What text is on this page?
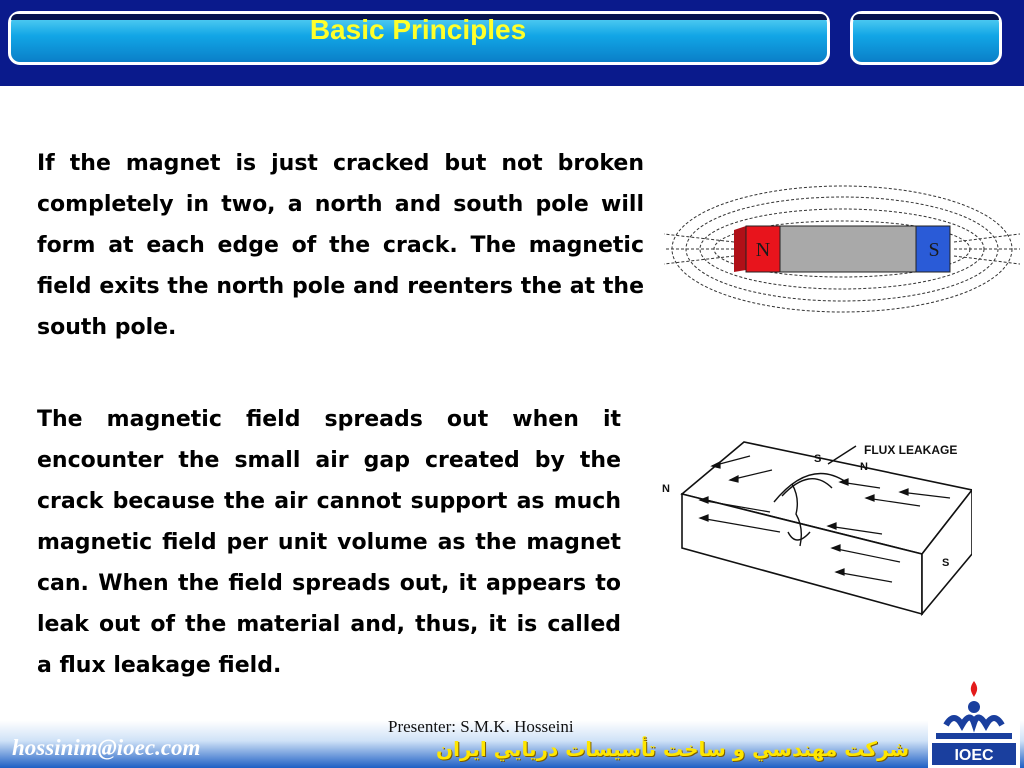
Basic Principles

If the magnet is just cracked but not broken completely in two, a north and south pole will form at each edge of the crack. The magnetic field exits the north pole and reenters the at the south pole.

The magnetic field spreads out when it encounter the small air gap created by the crack because the air cannot support as much magnetic field per unit volume as the magnet can. When the field spreads out, it appears to leak out of the material and, thus, it is called a flux leakage field.

N	S
FLUX LEAKAGE
N
S
S
N
hossinim@ioec.com
Presenter: S.M.K. Hosseini
شرکت مهندسي و ساخت تأسيسات دريايي ايران	IOEC
